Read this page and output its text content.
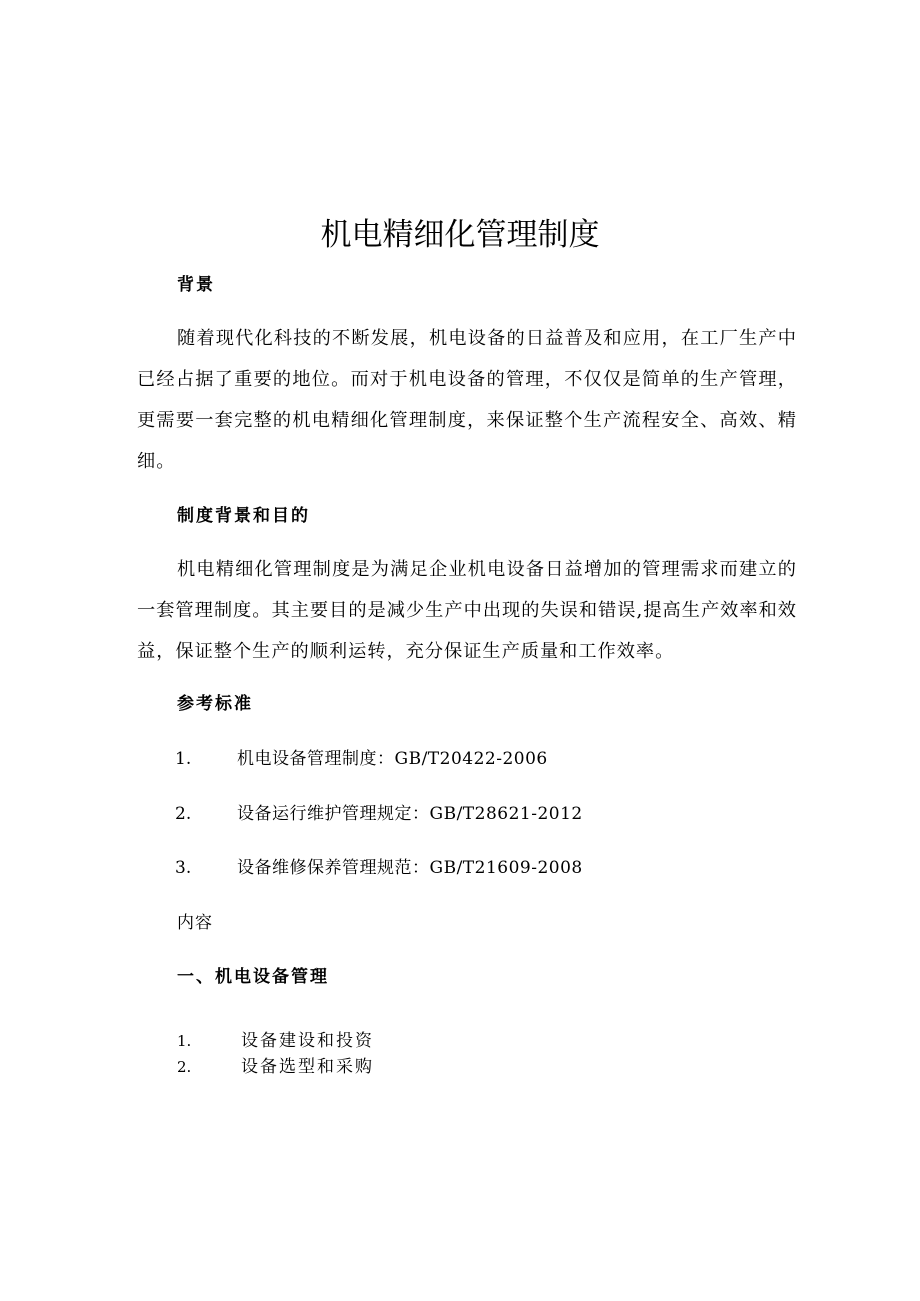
机电精细化管理制度
背景

随着现代化科技的不断发展，机电设备的日益普及和应用，在工厂生产中已经占据了重要的地位。而对于机电设备的管理，不仅仅是简单的生产管理，更需要一套完整的机电精细化管理制度，来保证整个生产流程安全、高效、精细。

制度背景和目的

机电精细化管理制度是为满足企业机电设备日益增加的管理需求而建立的一套管理制度。其主要目的是减少生产中出现的失误和错误,提高生产效率和效益，保证整个生产的顺利运转，充分保证生产质量和工作效率。

参考标准
1.	机电设备管理制度：GB/T20422-2006
2.	设备运行维护管理规定：GB/T28621-2012
3.	设备维修保养管理规范：GB/T21609-2008

内容

一、机电设备管理
1.	设备建设和投资
2.	设备选型和采购
